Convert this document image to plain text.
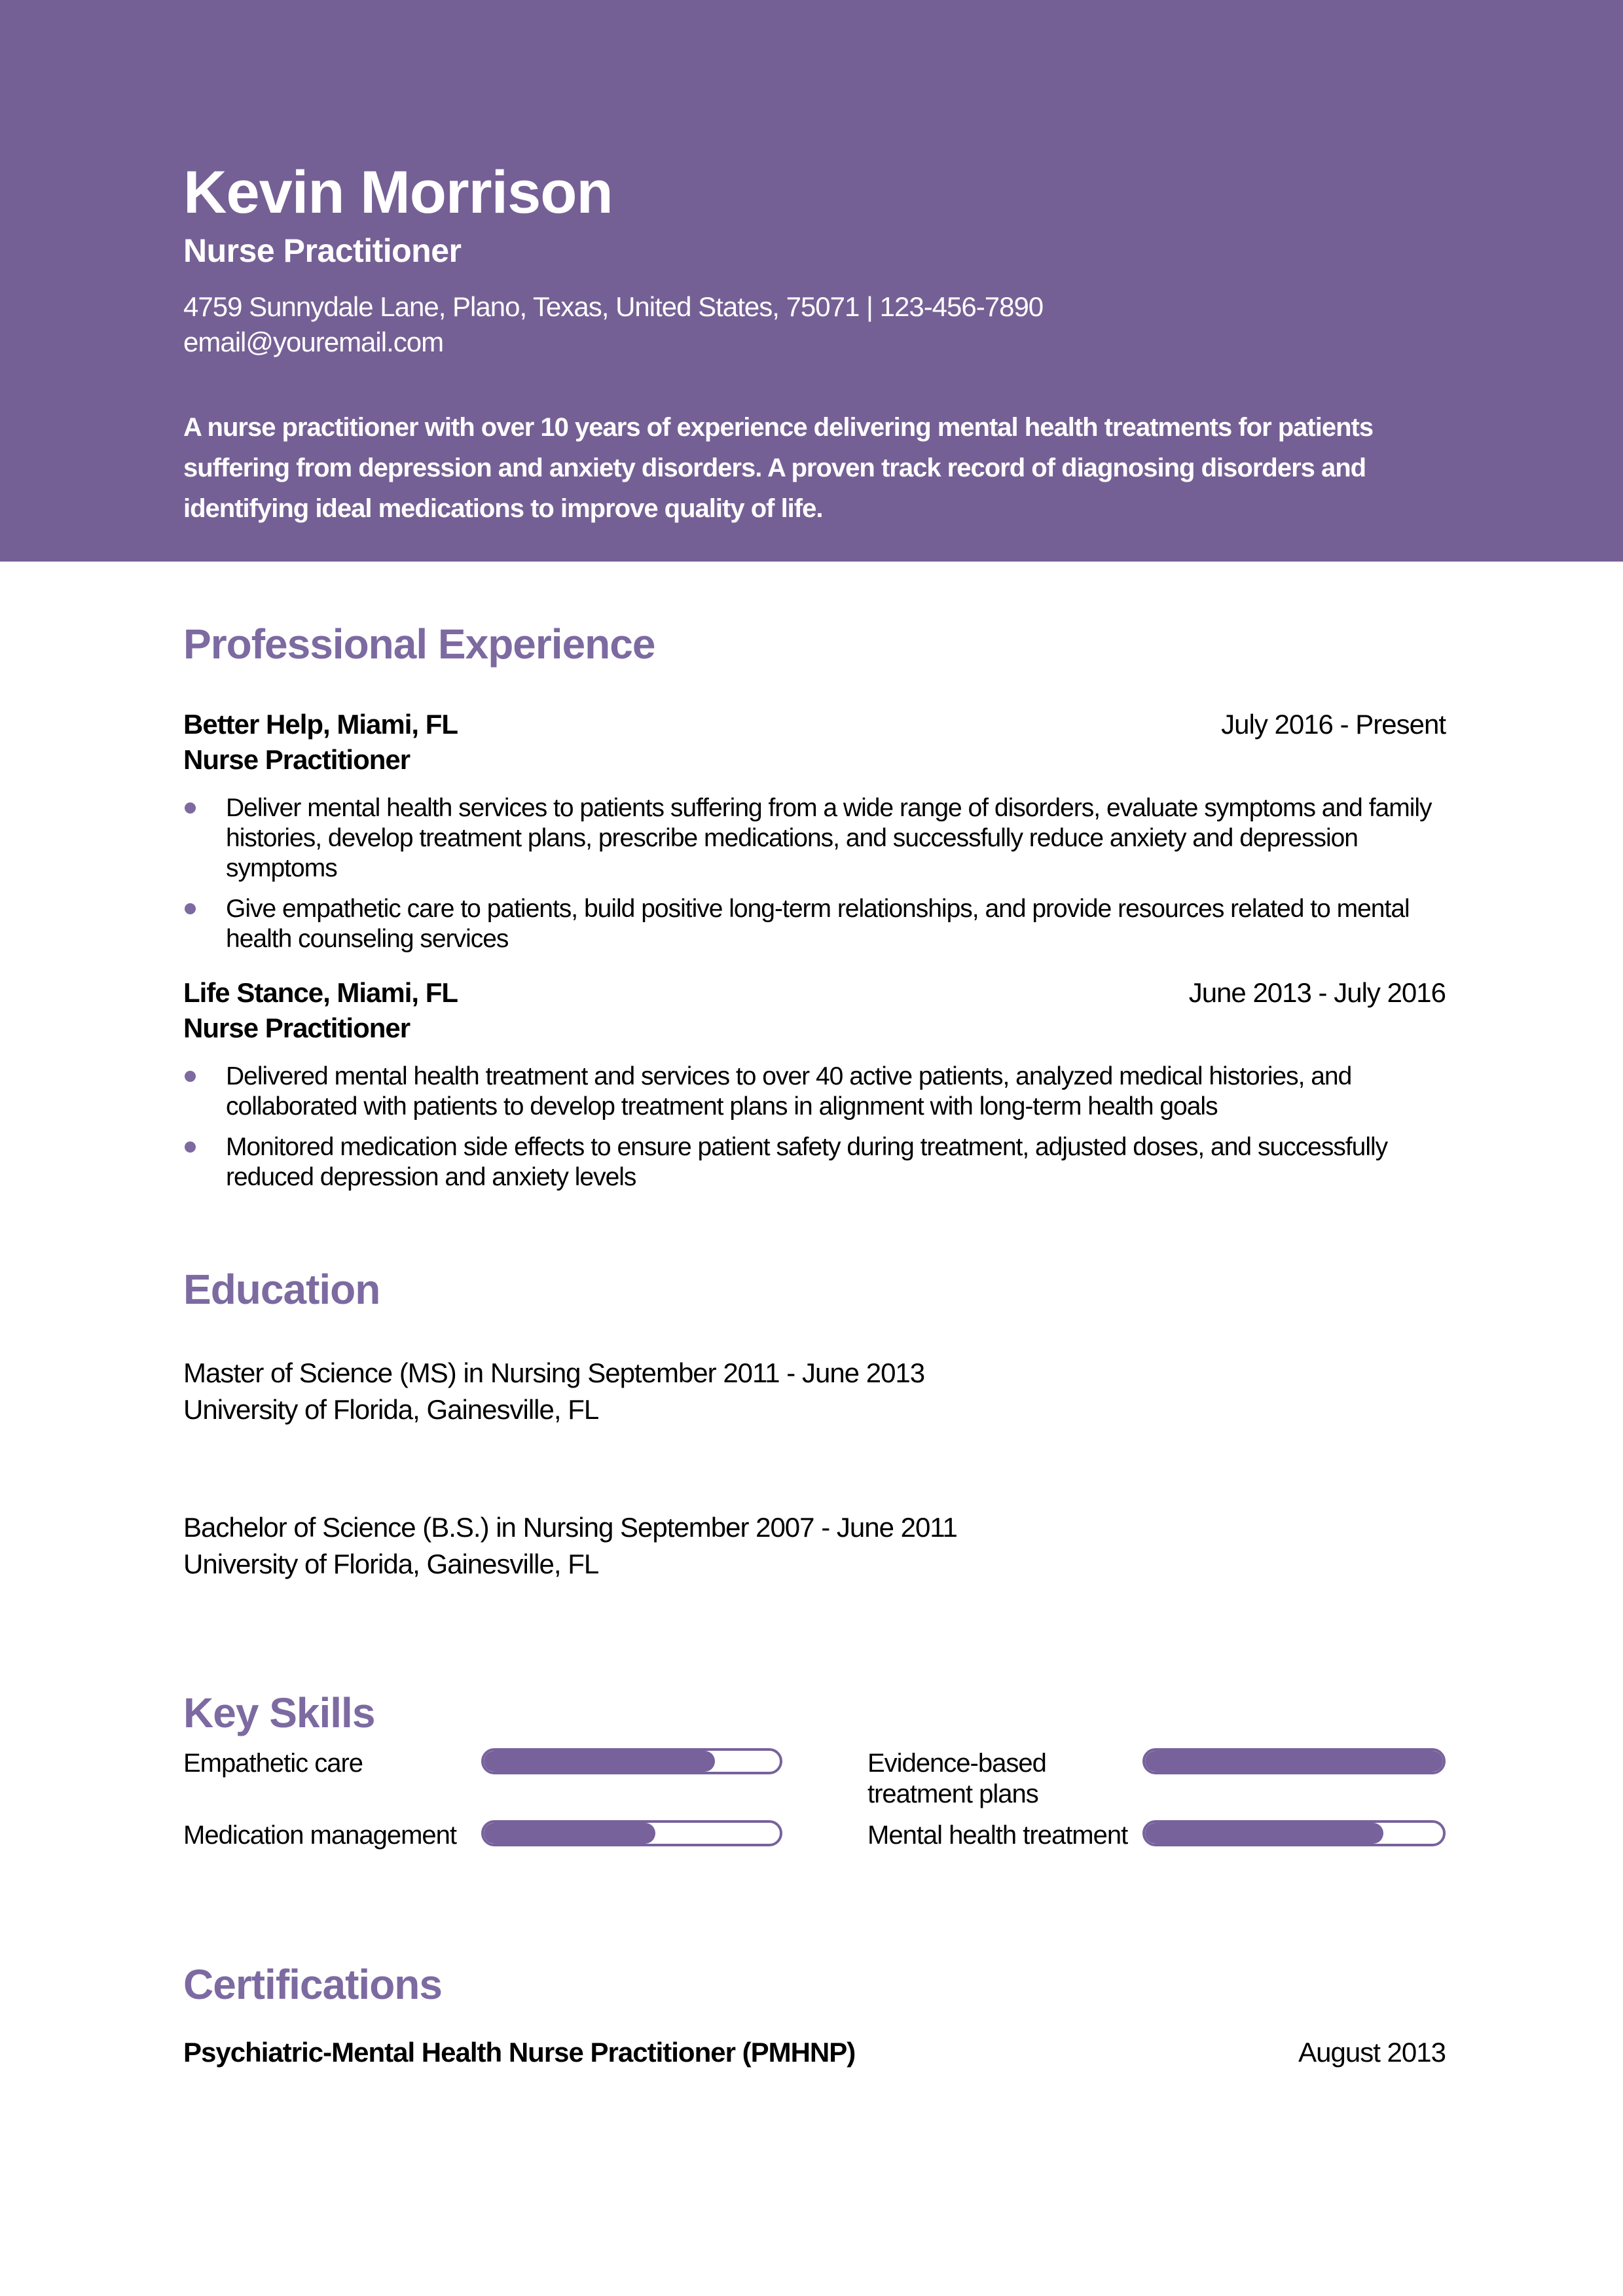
Kevin Morrison
Nurse Practitioner
4759 Sunnydale Lane, Plano, Texas, United States, 75071 | 123-456-7890
email@youremail.com
A nurse practitioner with over 10 years of experience delivering mental health treatments for patients suffering from depression and anxiety disorders. A proven track record of diagnosing disorders and identifying ideal medications to improve quality of life.
Professional Experience
Better Help, Miami, FL	July 2016 - Present
Nurse Practitioner
Deliver mental health services to patients suffering from a wide range of disorders, evaluate symptoms and family histories, develop treatment plans, prescribe medications, and successfully reduce anxiety and depression symptoms
Give empathetic care to patients, build positive long-term relationships, and provide resources related to mental health counseling services
Life Stance, Miami, FL	June 2013 - July 2016
Nurse Practitioner
Delivered mental health treatment and services to over 40 active patients, analyzed medical histories, and collaborated with patients to develop treatment plans in alignment with long-term health goals
Monitored medication side effects to ensure patient safety during treatment, adjusted doses, and successfully reduced depression and anxiety levels
Education
Master of Science (MS) in Nursing September 2011 - June 2013
University of Florida, Gainesville, FL
Bachelor of Science (B.S.) in Nursing September 2007 - June 2011
University of Florida, Gainesville, FL
Key Skills
Empathetic care	Evidence-based treatment plans
Medication management	Mental health treatment
Certifications
Psychiatric-Mental Health Nurse Practitioner (PMHNP)	August 2013
